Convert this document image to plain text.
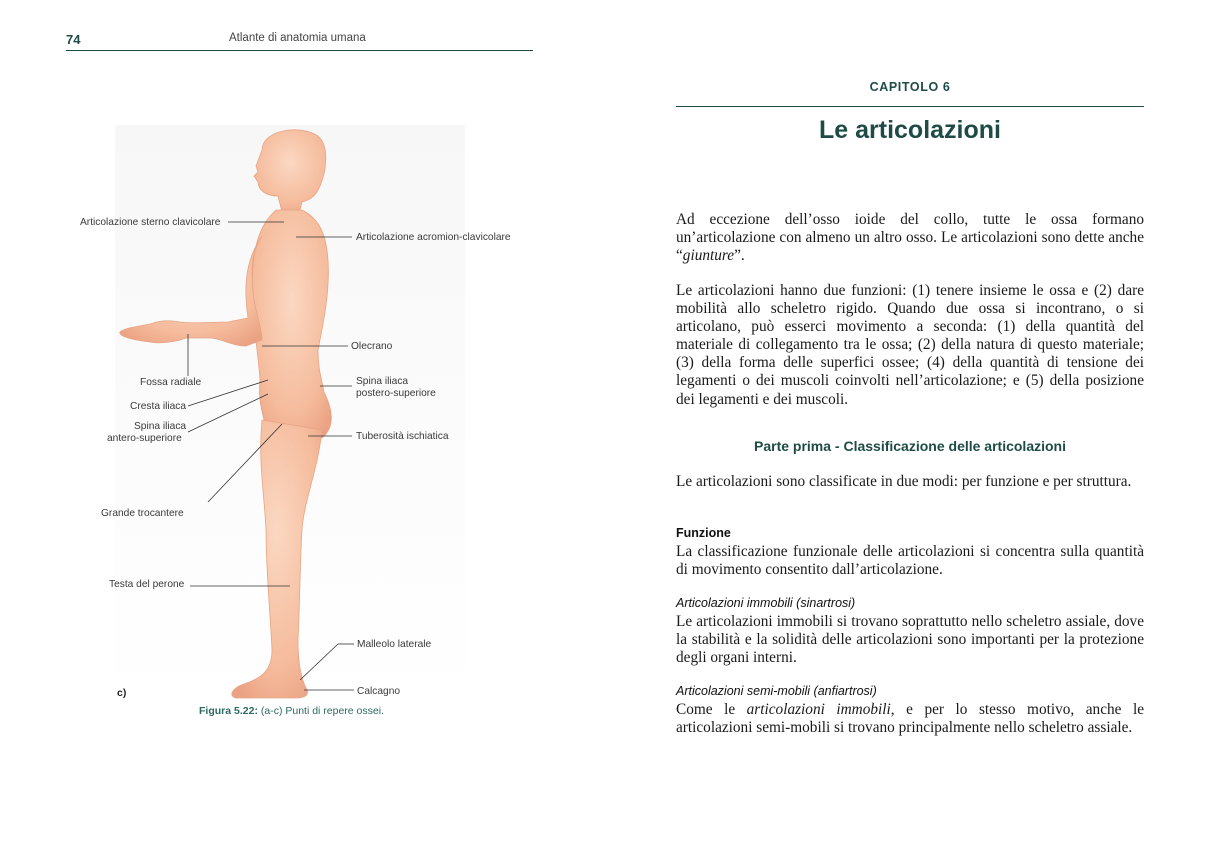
74	Atlante di anatomia umana
Articolazione sterno clavicolare
Fossa radiale
Cresta iliaca
Spina iliaca
antero-superiore
Grande trocantere
Testa del perone
Articolazione acromion-clavicolare
Olecrano
Spina iliaca
postero-superiore
Tuberosità ischiatica
Malleolo laterale
Calcagno
c)
Figura 5.22: (a-c) Punti di repere ossei.
CAPITOLO 6
Le articolazioni
Ad eccezione dell’osso ioide del collo, tutte le ossa formano un’articolazione con almeno un altro osso. Le articolazioni sono dette anche “giunture”.
Le articolazioni hanno due funzioni: (1) tenere insieme le ossa e (2) dare mobilità allo scheletro rigido. Quando due ossa si incontrano, o si articolano, può esserci movimento a seconda: (1) della quantità del materiale di collegamento tra le ossa; (2) della natura di questo materiale; (3) della forma delle superfici ossee; (4) della quantità di tensione dei legamenti o dei muscoli coinvolti nell’articolazione; e (5) della posizione dei legamenti e dei muscoli.
Parte prima - Classificazione delle articolazioni
Le articolazioni sono classificate in due modi: per funzione e per struttura.
Funzione
La classificazione funzionale delle articolazioni si concentra sulla quantità di movimento consentito dall’articolazione.
Articolazioni immobili (sinartrosi)
Le articolazioni immobili si trovano soprattutto nello scheletro assiale, dove la stabilità e la solidità delle articolazioni sono importanti per la protezione degli organi interni.
Articolazioni semi-mobili (anfiartrosi)
Come le articolazioni immobili, e per lo stesso motivo, anche le articolazioni semi-mobili si trovano principalmente nello scheletro assiale.
